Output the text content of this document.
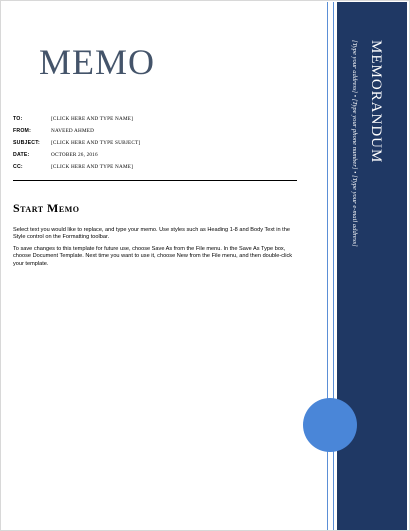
MEMORANDUM
[Type your address] • [Type your phone number] • [Type your e-mail address]
MEMO
TO:	[CLICK HERE AND TYPE NAME]
FROM:	NAVEED AHMED
SUBJECT:	[CLICK HERE AND TYPE SUBJECT]
DATE:	OCTOBER 26, 2016
CC:	[CLICK HERE AND TYPE NAME]
Start Memo
Select text you would like to replace, and type your memo. Use styles such as Heading 1-8 and Body Text in the Style control on the Formatting toolbar.
To save changes to this template for future use, choose Save As from the File menu. In the Save As Type box, choose Document Template. Next time you want to use it, choose New from the File menu, and then double-click your template.
